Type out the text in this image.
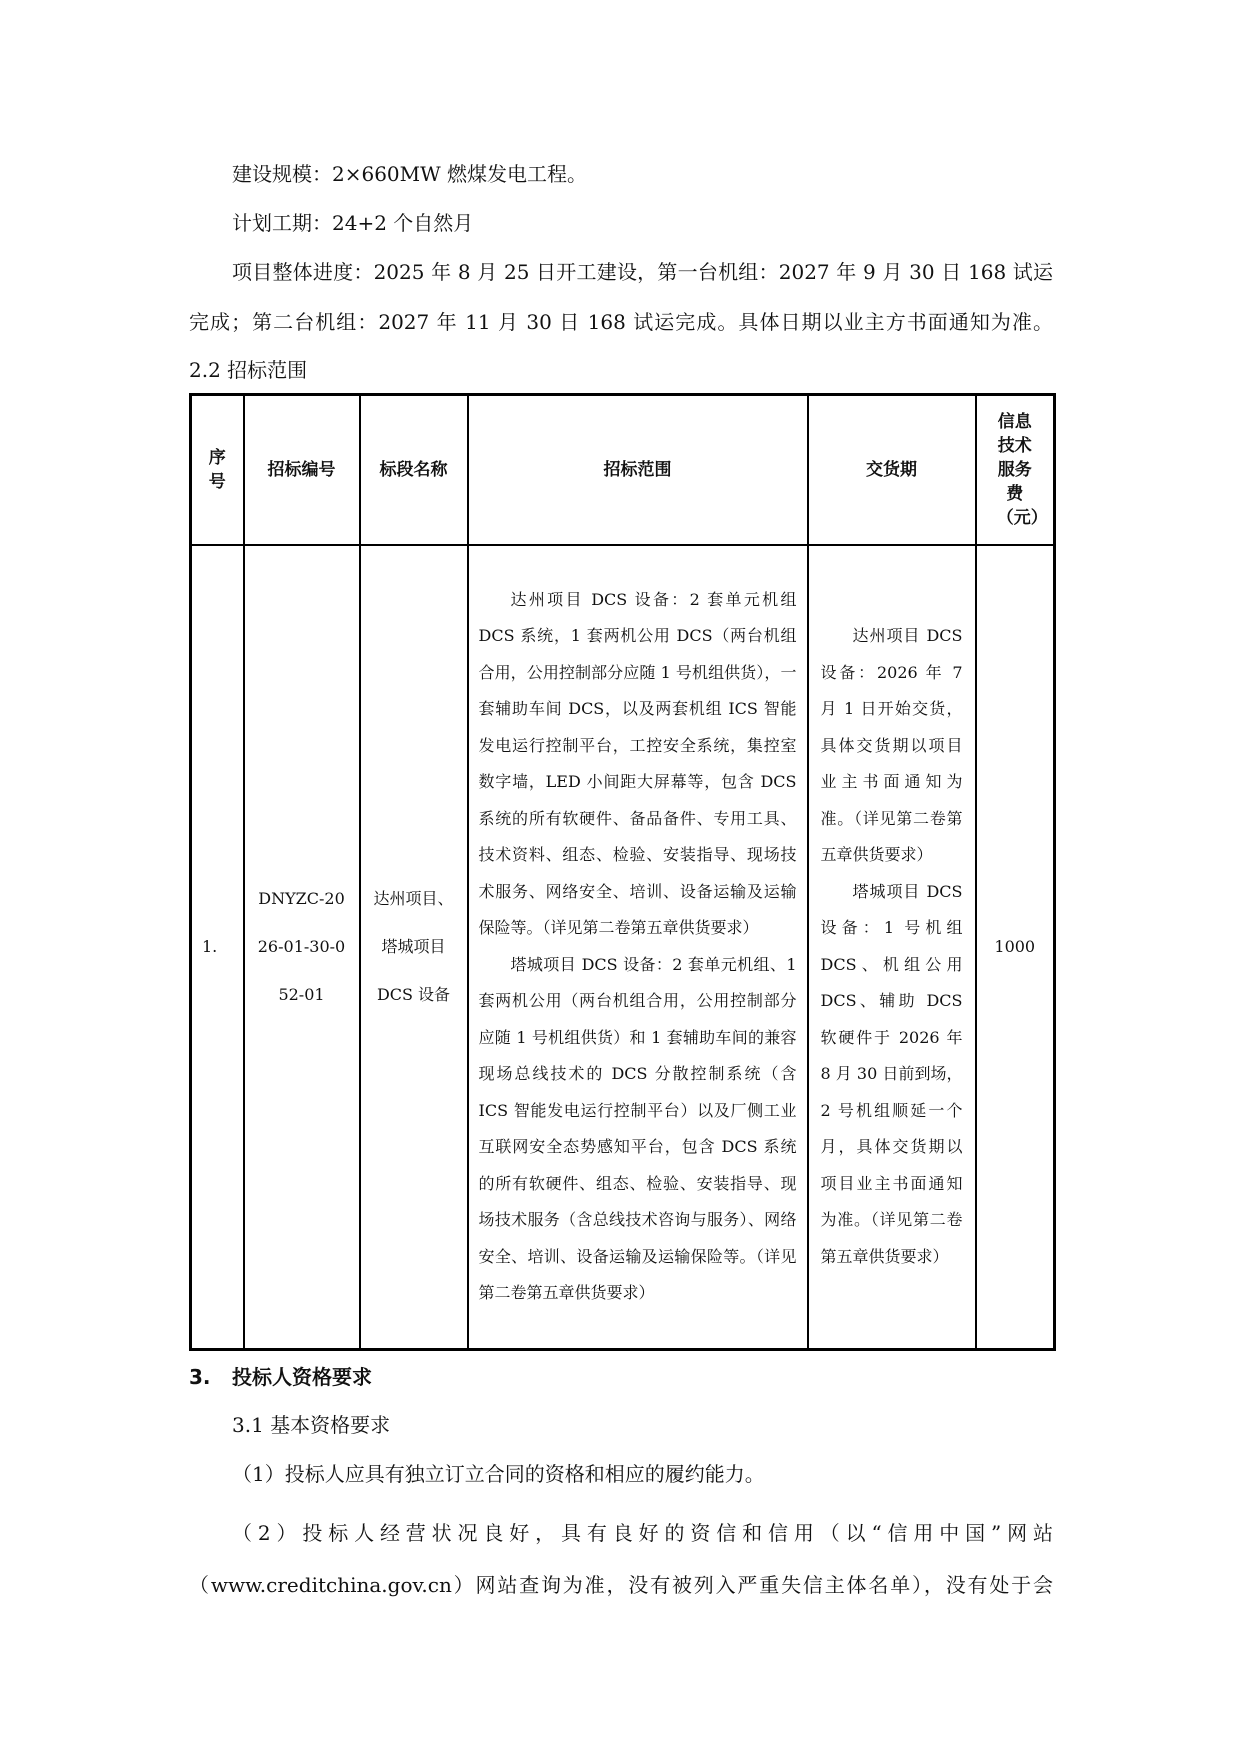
建设规模：2×660MW 燃煤发电工程。

计划工期：24+2 个自然月

项目整体进度：2025 年 8 月 25 日开工建设，第一台机组：2027 年 9 月 30 日 168 试运

完成；第二台机组：2027 年 11 月 30 日 168 试运完成。具体日期以业主方书面通知为准。

2.2 招标范围

序号	招标编号	标段名称	招标范围	交货期	信息技术服务费（元）

1.	DNYZC-2026-01-30-052-01	达州项目、塔城项目 DCS 设备	达州项目 DCS 设备：2 套单元机组 DCS 系统，1 套两机公用 DCS（两台机组合用，公用控制部分应随 1 号机组供货），一套辅助车间 DCS，以及两套机组 ICS 智能发电运行控制平台，工控安全系统，集控室数字墙，LED 小间距大屏幕等，包含 DCS 系统的所有软硬件、备品备件、专用工具、技术资料、组态、检验、安装指导、现场技术服务、网络安全、培训、设备运输及运输保险等。（详见第二卷第五章供货要求）
塔城项目 DCS 设备：2 套单元机组、1 套两机公用（两台机组合用，公用控制部分应随 1 号机组供货）和 1 套辅助车间的兼容现场总线技术的 DCS 分散控制系统（含 ICS 智能发电运行控制平台）以及厂侧工业互联网安全态势感知平台，包含 DCS 系统的所有软硬件、组态、检验、安装指导、现场技术服务（含总线技术咨询与服务）、网络安全、培训、设备运输及运输保险等。（详见第二卷第五章供货要求）	达州项目 DCS 设备：2026 年 7 月 1 日开始交货，具体交货期以项目业主书面通知为准。（详见第二卷第五章供货要求）
塔城项目 DCS 设备：1 号机组 DCS、机组公用DCS、辅助 DCS 软硬件于 2026 年 8 月 30 日前到场，2 号机组顺延一个月，具体交货期以项目业主书面通知为准。（详见第二卷第五章供货要求）	1000

3. 投标人资格要求

3.1 基本资格要求

（1）投标人应具有独立订立合同的资格和相应的履约能力。

（2）投标人经营状况良好，具有良好的资信和信用（以“信用中国”网站

（www.creditchina.gov.cn）网站查询为准，没有被列入严重失信主体名单），没有处于会
